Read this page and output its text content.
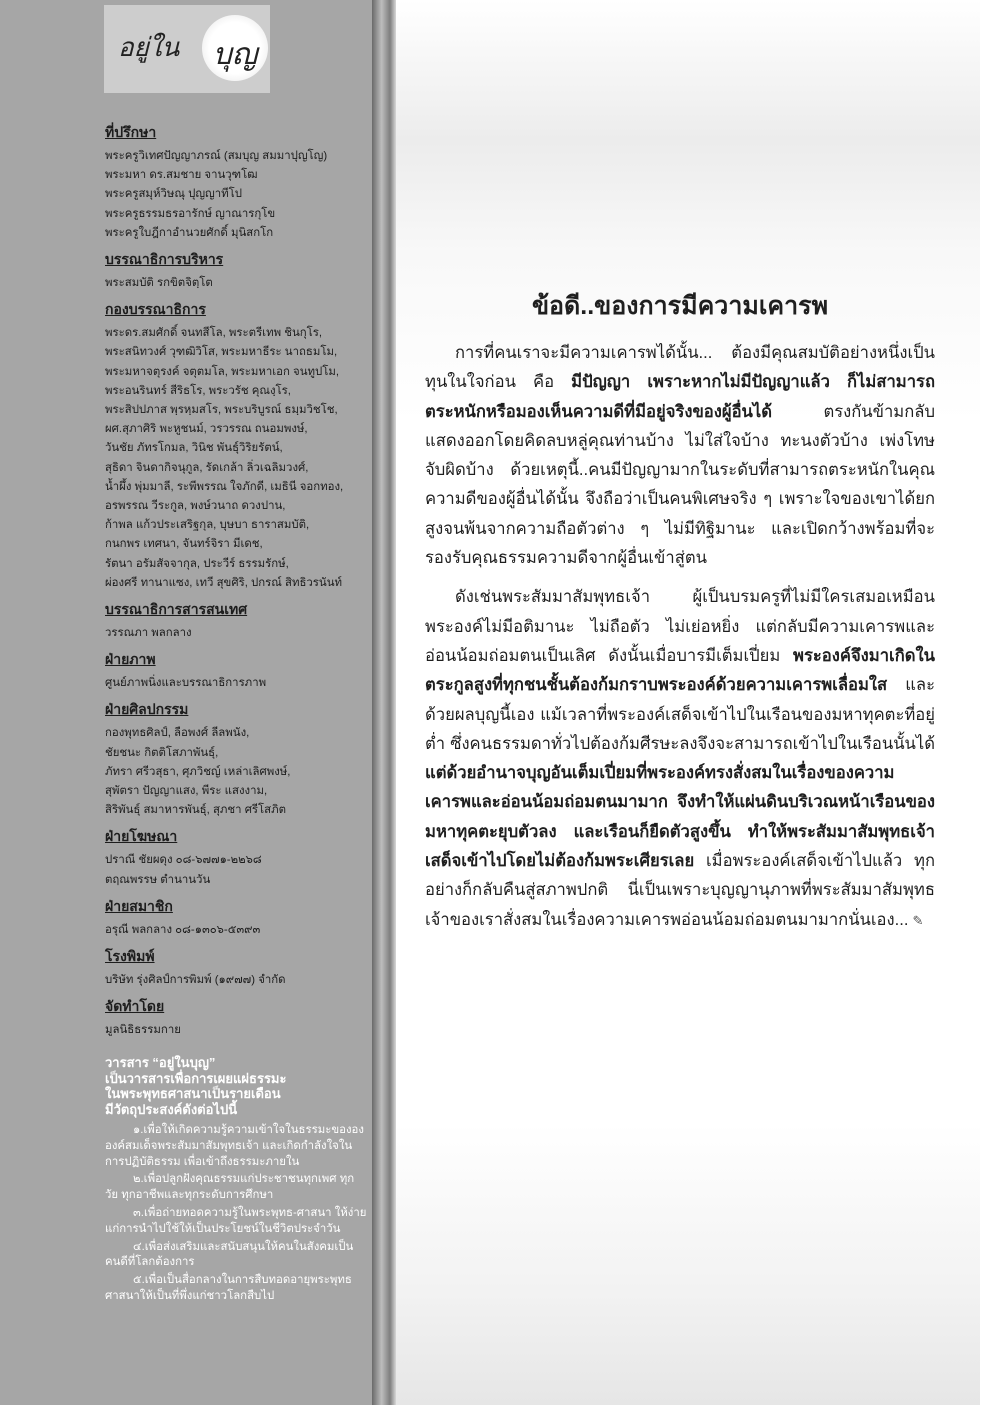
อยู่ใน	บุญ
ที่ปรึกษา
พระครูวิเทศปัญญาภรณ์ (สมบุญ สมมาปุญโญ)
พระมหา ดร.สมชาย จานวุฑโฒ
พระครูสมุห์วิษณุ ปุญญาทีโป
พระครูธรรมธรอารักษ์ ญาณารกุโข
พระครูใบฎีกาอำนวยศักดิ์ มุนิสกโก
บรรณาธิการบริหาร
พระสมบัติ รกขิตจิตฺโต
กองบรรณาธิการ
พระดร.สมศักดิ์ จนทสีโล, พระตรีเทพ ชินกุโร,
พระสนิทวงศ์ วุฑฒิวิโส, พระมหาธีระ นาถธมโม,
พระมหาจตุรงค์ จตุตมโล, พระมหาเอก จนทูปโม,
พระอนรินทร์ สีริธโร, พระวรัช คุณงฺโร,
พระสิปปภาส พฺรหฺมสโร, พระบริบูรณ์ ธมฺมวิชโช,
ผศ.สุภาศิริ พะหูชนม์, วรวรรณ ถนอมพงษ์,
วันชัย ภัทรโกมล, วินิช พันธุ์วิริยรัตน์,
สุธิดา จินดากิจนุกูล, รัดเกล้า ลิ่วเฉลิมวงศ์,
น้ำผึ้ง พุ่มมาลี, ระพีพรรณ ใจภักดี, เมธินี จอกทอง,
อรพรรณ วีระกูล, พงษ์วนาถ ดวงปาน,
ก้าพล แก้วประเสริฐกุล, บุษบา ธาราสมบัติ,
กนกพร เทศนา, จันทร์จิรา มีเดช,
รัตนา อรัมสัจจากุล, ประวีร์ ธรรมรักษ์,
ผ่องศรี ทานาแซง, เทวี สุขศิริ, ปกรณ์ สิทธิวรนันท์
บรรณาธิการสารสนเทศ
วรรณภา พลกลาง
ฝ่ายภาพ
ศูนย์ภาพนิ่งและบรรณาธิการภาพ
ฝ่ายศิลปกรรม
กองพุทธศิลป์, ลือพงศ์ ลีลพนัง,
ชัยชนะ กิตติโสภาพันธุ์,
ภัทรา ศรีวสุธา, ศุภวิชญ์ เหล่าเลิศพงษ์,
สุพัตรา ปัญญาแสง, พีระ แสงงาม,
สิริพันธุ์ สมาหารพันธุ์, สุภชา ศรีโสภิต
ฝ่ายโฆษณา
ปราณี ชัยผดุง ๐๘-๖๗๗๑-๒๒๖๘
ตฤณพรรษ ตำนานวัน
ฝ่ายสมาชิก
อรุณี พลกลาง ๐๘-๑๓๐๖-๕๓๙๓
โรงพิมพ์
บริษัท รุ่งศิลป์การพิมพ์ (๑๙๗๗) จำกัด
จัดทำโดย
มูลนิธิธรรมกาย
วารสาร “อยู่ในบุญ”
เป็นวารสารเพื่อการเผยแผ่ธรรมะ
ในพระพุทธศาสนาเป็นรายเดือน
มีวัตถุประสงค์ดังต่อไปนี้
๑.เพื่อให้เกิดความรู้ความเข้าใจในธรรมะของององค์สมเด็จพระสัมมาสัมพุทธเจ้า และเกิดกำลังใจในการปฏิบัติธรรม เพื่อเข้าถึงธรรมะภายใน
๒.เพื่อปลูกฝังคุณธรรมแก่ประชาชนทุกเพศ ทุกวัย ทุกอาชีพและทุกระดับการศึกษา
๓.เพื่อถ่ายทอดความรู้ในพระพุทธ-ศาสนา ให้ง่ายแก่การนำไปใช้ให้เป็นประโยชน์ในชีวิตประจำวัน
๔.เพื่อส่งเสริมและสนับสนุนให้คนในสังคมเป็นคนดีที่โลกต้องการ
๕.เพื่อเป็นสื่อกลางในการสืบทอดอายุพระพุทธศาสนาให้เป็นที่พึ่งแก่ชาวโลกสืบไป
ข้อดี..ของการมีความเคารพ

การที่คนเราจะมีความเคารพได้นั้น... ต้องมีคุณสมบัติอย่างหนึ่งเป็นทุนในใจก่อน คือ มีปัญญา เพราะหากไม่มีปัญญาแล้ว ก็ไม่สามารถตระหนักหรือมองเห็นความดีที่มีอยู่จริงของผู้อื่นได้ ตรงกันข้ามกลับแสดงออกโดยคิดลบหลู่คุณท่านบ้าง ไม่ใส่ใจบ้าง ทะนงตัวบ้าง เพ่งโทษจับผิดบ้าง ด้วยเหตุนี้..คนมีปัญญามากในระดับที่สามารถตระหนักในคุณความดีของผู้อื่นได้นั้น จึงถือว่าเป็นคนพิเศษจริง ๆ เพราะใจของเขาได้ยกสูงจนพ้นจากความถือตัวต่าง ๆ ไม่มีทิฐิมานะ และเปิดกว้างพร้อมที่จะรองรับคุณธรรมความดีจากผู้อื่นเข้าสู่ตน

ดังเช่นพระสัมมาสัมพุทธเจ้า ผู้เป็นบรมครูที่ไม่มีใครเสมอเหมือน พระองค์ไม่มีอติมานะ ไม่ถือตัว ไม่เย่อหยิ่ง แต่กลับมีความเคารพและอ่อนน้อมถ่อมตนเป็นเลิศ ดังนั้นเมื่อบารมีเต็มเปี่ยม พระองค์จึงมาเกิดในตระกูลสูงที่ทุกชนชั้นต้องก้มกราบพระองค์ด้วยความเคารพเลื่อมใส และด้วยผลบุญนี้เอง แม้เวลาที่พระองค์เสด็จเข้าไปในเรือนของมหาทุคตะที่อยู่ต่ำ ซึ่งคนธรรมดาทั่วไปต้องก้มศีรษะลงจึงจะสามารถเข้าไปในเรือนนั้นได้ แต่ด้วยอำนาจบุญอันเต็มเปี่ยมที่พระองค์ทรงสั่งสมในเรื่องของความเคารพและอ่อนน้อมถ่อมตนมามาก จึงทำให้แผ่นดินบริเวณหน้าเรือนของมหาทุคตะยุบตัวลง และเรือนก็ยืดตัวสูงขึ้น ทำให้พระสัมมาสัมพุทธเจ้าเสด็จเข้าไปโดยไม่ต้องก้มพระเศียรเลย เมื่อพระองค์เสด็จเข้าไปแล้ว ทุกอย่างก็กลับคืนสู่สภาพปกติ นี่เป็นเพราะบุญญานุภาพที่พระสัมมาสัมพุทธเจ้าของเราสั่งสมในเรื่องความเคารพอ่อนน้อมถ่อมตนมามากนั่นเอง... ✎
